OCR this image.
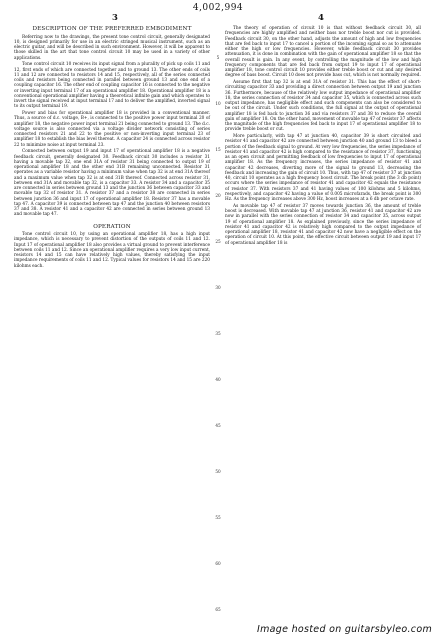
4,002,994
3	4
DESCRIPTION OF THE PREFERRED EMBODIMENT

Referring now to the drawings, the present tone control circuit, generally designated 10, is designed primarily for use in an electric stringed musical instrument, such as an electric guitar, and will be described in such environment. However, it will be apparent to those skilled in the art that tone control circuit 10 may be used in a variety of other applications.

Tone control circuit 10 receives its input signal from a plurality of pick up coils 11 and 12, first ends of which are connected together and to ground 13. The other ends of coils 11 and 12 are connected to resistors 14 and 15, respectively, all of the series connected coils and resistors being connected in parallel between ground 13 and one end of a coupling capacitor 16. The other end of coupling capacitor 16 is connected to the negative or inverting input terminal 17 of an operational amplifier 18. Operational amplifier 18 is a conventional operational amplifier having a theoretical infinite gain and which operates to invert the signal received at input terminal 17 and to deliver the amplified, inverted signal to its output terminal 19.

Power and bias for operational amplifier 18 is provided in a conventional manner. Thus, a source of d.c. voltage, B+, is connected to the positive power input terminal 20 of amplifier 18, the negative power input terminal 21 being connected to ground 13. The d.c. voltage source is also connected via a voltage divider network consisting of series connected resistors 21 and 22 to the positive or non-inverting input terminal 23 of amplifier 18 to establish the bias level thereat. A capacitor 24 is connected across resistor 22 to minimize noise at input terminal 23.

Connected between output 19 and input 17 of operational amplifier 18 is a negative feedback circuit, generally designated 30. Feedback circuit 30 includes a resistor 31 having a movable tap 32, one end 31A of resistor 31 being connected to output 19 of operational amplifier 18 and the other end 31B remaining unconnected. Resistor 31 operates as a variable resistor having a minimum value when tap 32 is at end 31A thereof and a maximum value when tap 32 is at end 31B thereof. Connected across resistor 31, between end 31A and movable tap 32, is a capacitor 33. A resistor 34 and a capacitor 35 are connected in series between ground 13 and the junction 36 between capacitor 33 and movable tap 32 of resistor 31. A resistor 37 and a resistor 38 are connected in series between junction 36 and input 17 of operational amplifier 18. Resistor 37 has a movable tap 47. A capacitor 39 is connected between tap 47 and the junction 40 between resistors 37 and 38. A resistor 41 and a capacitor 42 are connected in series between ground 13 and movable tap 47.

OPERATION

Tone control circuit 10, by using an operational amplifier 18, has a high input impedance, which is necessary to prevent distortion of the outputs of coils 11 and 12. Input 17 of operational amplifier 18 also provides a virtual ground to prevent interference between coils 11 and 12. Since an operational amplifier requires a very low input current, resistors 14 and 15 can have relatively high values, thereby satisfying the input impedance requirements of coils 11 and 12. Typical values for resistors 14 and 15 are 220 kilohms each.

5
10
15
20
25
30
35
40
45
50
55
60
65

The theory of operation of circuit 10 is that without feedback circuit 30, all frequencies are highly amplified and neither bass nor treble boost nor cut is provided. Feedback circuit 30, on the other hand, adjusts the amount of high and low frequencies that are fed back to input 17 to cancel a portion of the incoming signal so as to attenuate either the high or low frequencies. However, while feedback circuit 30 provides attenuation, it is done in combination with the gain of operational amplifier 18 so that the overall result is gain. In any event, by controlling the magnitude of the low and high frequency components that are fed back from output 19 to input 17 of operational amplifier 18, tone control circuit 10 provides either treble boost or cut and any desired degree of bass boost. Circuit 10 does not provide bass cut, which is not normally required.

Assume first that tap 32 is at end 31A of resistor 31. This has the effect of short-circuiting capacitor 33 and providing a direct connection between output 19 and junction 36. Furthermore, because of the relatively low output impedance of operational amplifier 18, the series connection of resistor 34 and capacitor 35, which is connected across such output impedance, has negligible effect and such components can also be considered to be out of the circuit. Under such conditions, the full signal at the output of operational amplifier 18 is fed back to junction 36 and via resistors 37 and 38 to reduce the overall gain of amplifier 18. On the other hand, movement of movable tap 47 of resistor 37 affects the magnitude of the high frequencies fed back to input 17 of operational amplifier 18 to provide treble boost or cut.

More particularly, with tap 47 at junction 40, capacitor 39 is short circuited and resistor 41 and capacitor 42 are connected between junction 40 and ground 13 to bleed a portion of the feedback signal to ground. At very low frequencies, the series impedance of resistor 41 and capacitor 42 is high compared to the resistance of resistor 37, functioning as an open circuit and permitting feedback of low frequencies to input 17 of operational amplifier 18. As the frequency increases, the series impedance of resistor 41 and capacitor 42 decreases, diverting more of the signal to ground 13, decreasing the feedback and increasing the gain of circuit 10. Thus, with tap 47 of resistor 37 at junction 40, circuit 10 operates as a high frequency boost circuit. The break point (the 3 db point) occurs where the series impedance of resistor 41 and capacitor 42 equals the resistance of resistor 37. With resistors 37 and 41 having values of 100 kilohms and 5 kilohms, respectively, and capacitor 42 having a value of 0.005 microfarads, the break point is 300 Hz. As the frequency increases above 300 Hz, boost increases at a 6 db per octave rate.

As movable tap 47 of resistor 37 moves towards junction 36, the amount of treble boost is decreased. With movable tap 47 at junction 36, resistor 41 and capacitor 42 are now in parallel with the series connection of resistor 34 and capacitor 35, across output 19 of operational amplifier 18. As explained previously, since the series impedance of resistor 41 and capacitor 42 is relatively high compared to the output impedance of operational amplifier 18, resistor 41 and capacitor 42 now have a negligible effect on the operation of circuit 10. At this point, the effective circuit between output 19 and input 17 of operational amplifier 18 is

Image hosted on guitarsbyleo.com
